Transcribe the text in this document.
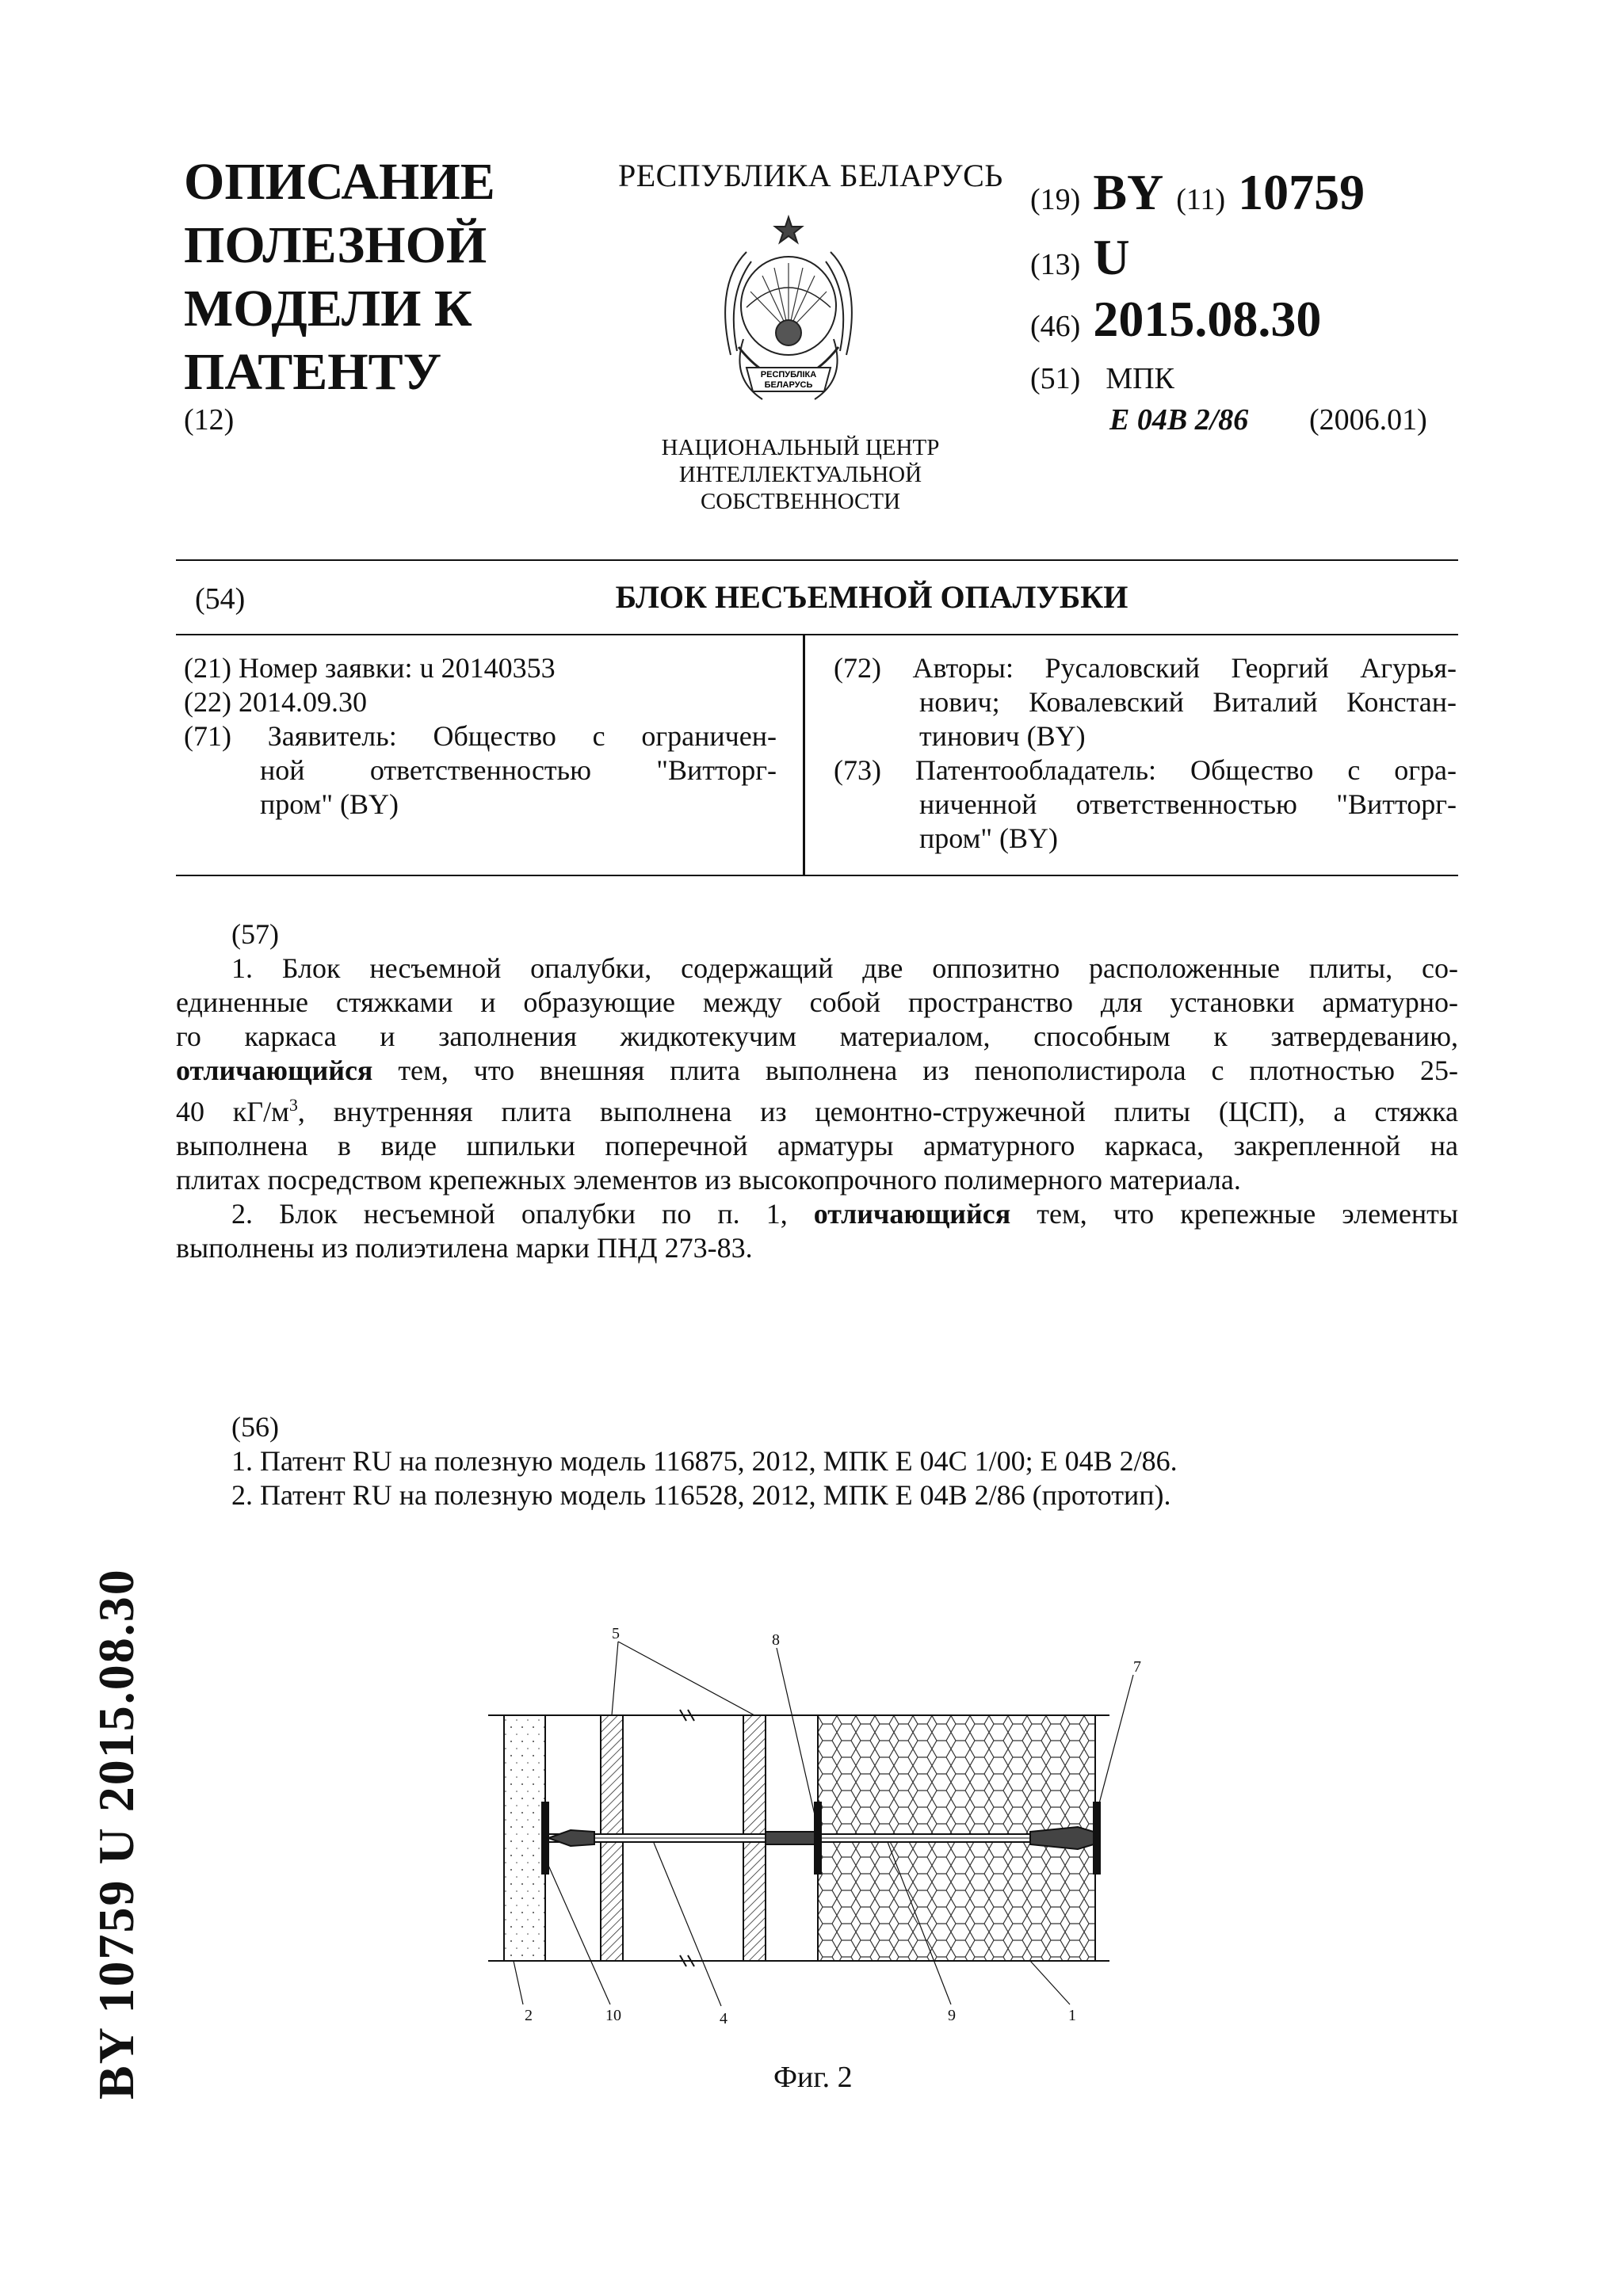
ОПИСАНИЕ
ПОЛЕЗНОЙ
МОДЕЛИ К
ПАТЕНТУ
(12)
РЕСПУБЛИКА БЕЛАРУСЬ
РЕСПУБЛІКА
БЕЛАРУСЬ
НАЦИОНАЛЬНЫЙ ЦЕНТР
ИНТЕЛЛЕКТУАЛЬНОЙ
СОБСТВЕННОСТИ
(19) BY (11) 10759
(13) U
(46) 2015.08.30
(51) МПК
E 04B 2/86 (2006.01)
BY 10759 U 2015.08.30
(54)	БЛОК НЕСЪЕМНОЙ ОПАЛУБКИ
(21) Номер заявки: u 20140353
(22) 2014.09.30
(71) Заявитель: Общество с ограничен-
ной ответственностью "Витторг-
пром" (BY)
(72) Авторы: Русаловский Георгий Агурья-
нович; Ковалевский Виталий Констан-
тинович (BY)
(73) Патентообладатель: Общество с огра-
ниченной ответственностью "Витторг-
пром" (BY)
(57)
1. Блок несъемной опалубки, содержащий две оппозитно расположенные плиты, со-
единенные стяжками и образующие между собой пространство для установки арматурно-
го каркаса и заполнения жидкотекучим материалом, способным к затвердеванию,
отличающийся тем, что внешняя плита выполнена из пенополистирола с плотностью 25-
40 $кГ/м^3$, внутренняя плита выполнена из цемонтно-стружечной плиты (ЦСП), а стяжка
выполнена в виде шпильки поперечной арматуры арматурного каркаса, закрепленной на
плитах посредством крепежных элементов из высокопрочного полимерного материала.
2. Блок несъемной опалубки по п. 1, отличающийся тем, что крепежные элементы
выполнены из полиэтилена марки ПНД 273-83.
(56)
1. Патент RU на полезную модель 116875, 2012, МПК E 04C 1/00; E 04B 2/86.
2. Патент RU на полезную модель 116528, 2012, МПК E 04B 2/86 (прототип).
5	8
7
2	10	4	9	1
Фиг. 2
